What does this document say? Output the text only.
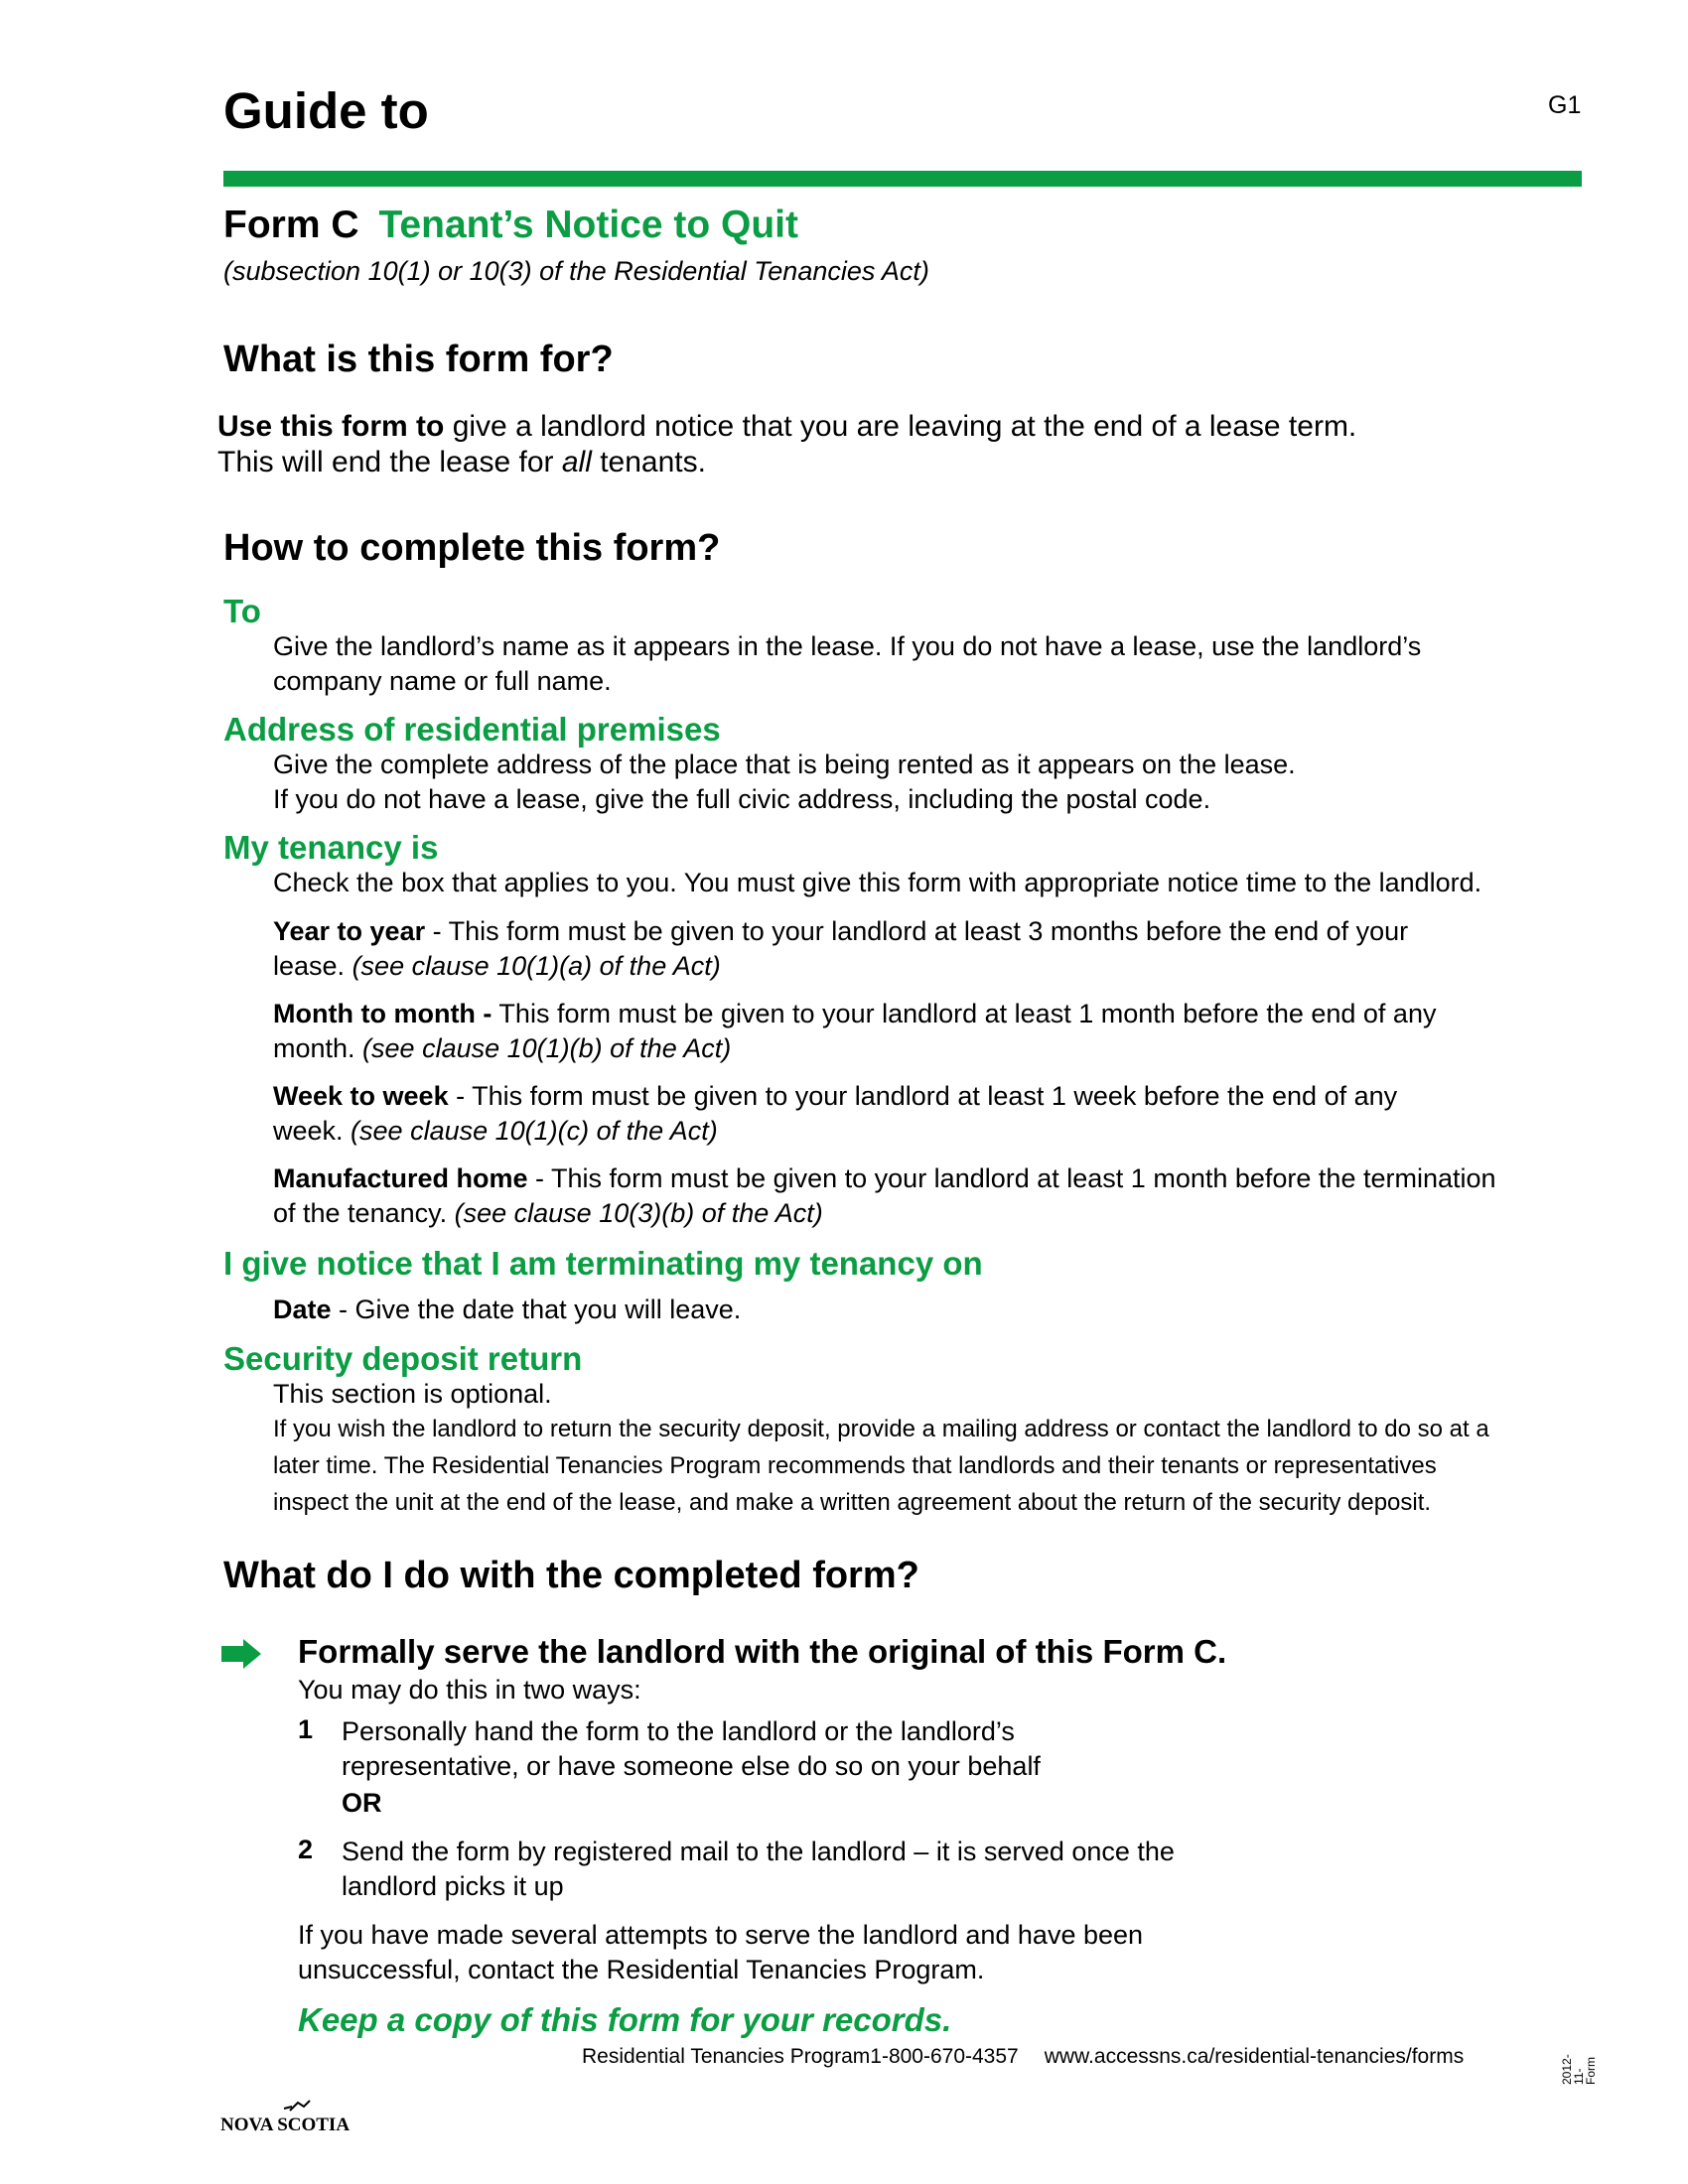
Guide to	G1
Form C Tenant’s Notice to Quit
(subsection 10(1) or 10(3) of the Residential Tenancies Act)
What is this form for?
Use this form to give a landlord notice that you are leaving at the end of a lease term.
This will end the lease for all tenants.
How to complete this form?
To
Give the landlord’s name as it appears in the lease. If you do not have a lease, use the landlord’s
company name or full name.
Address of residential premises
Give the complete address of the place that is being rented as it appears on the lease.
If you do not have a lease, give the full civic address, including the postal code.
My tenancy is
Check the box that applies to you. You must give this form with appropriate notice time to the landlord.
Year to year - This form must be given to your landlord at least 3 months before the end of your
lease. (see clause 10(1)(a) of the Act)
Month to month - This form must be given to your landlord at least 1 month before the end of any
month. (see clause 10(1)(b) of the Act)
Week to week - This form must be given to your landlord at least 1 week before the end of any
week. (see clause 10(1)(c) of the Act)
Manufactured home - This form must be given to your landlord at least 1 month before the termination
of the tenancy. (see clause 10(3)(b) of the Act)
I give notice that I am terminating my tenancy on
Date - Give the date that you will leave.
Security deposit return
This section is optional.
If you wish the landlord to return the security deposit, provide a mailing address or contact the landlord to do so at a
later time. The Residential Tenancies Program recommends that landlords and their tenants or representatives
inspect the unit at the end of the lease, and make a written agreement about the return of the security deposit.
What do I do with the completed form?
Formally serve the landlord with the original of this Form C.
You may do this in two ways:
1 Personally hand the form to the landlord or the landlord’s
representative, or have someone else do so on your behalf
OR
2 Send the form by registered mail to the landlord – it is served once the
landlord picks it up
If you have made several attempts to serve the landlord and have been
unsuccessful, contact the Residential Tenancies Program.
Keep a copy of this form for your records.
Residential Tenancies Program1-800-670-4357 www.accessns.ca/residential-tenancies/forms	2012-
11-
Form
NOVA SCOTIA
